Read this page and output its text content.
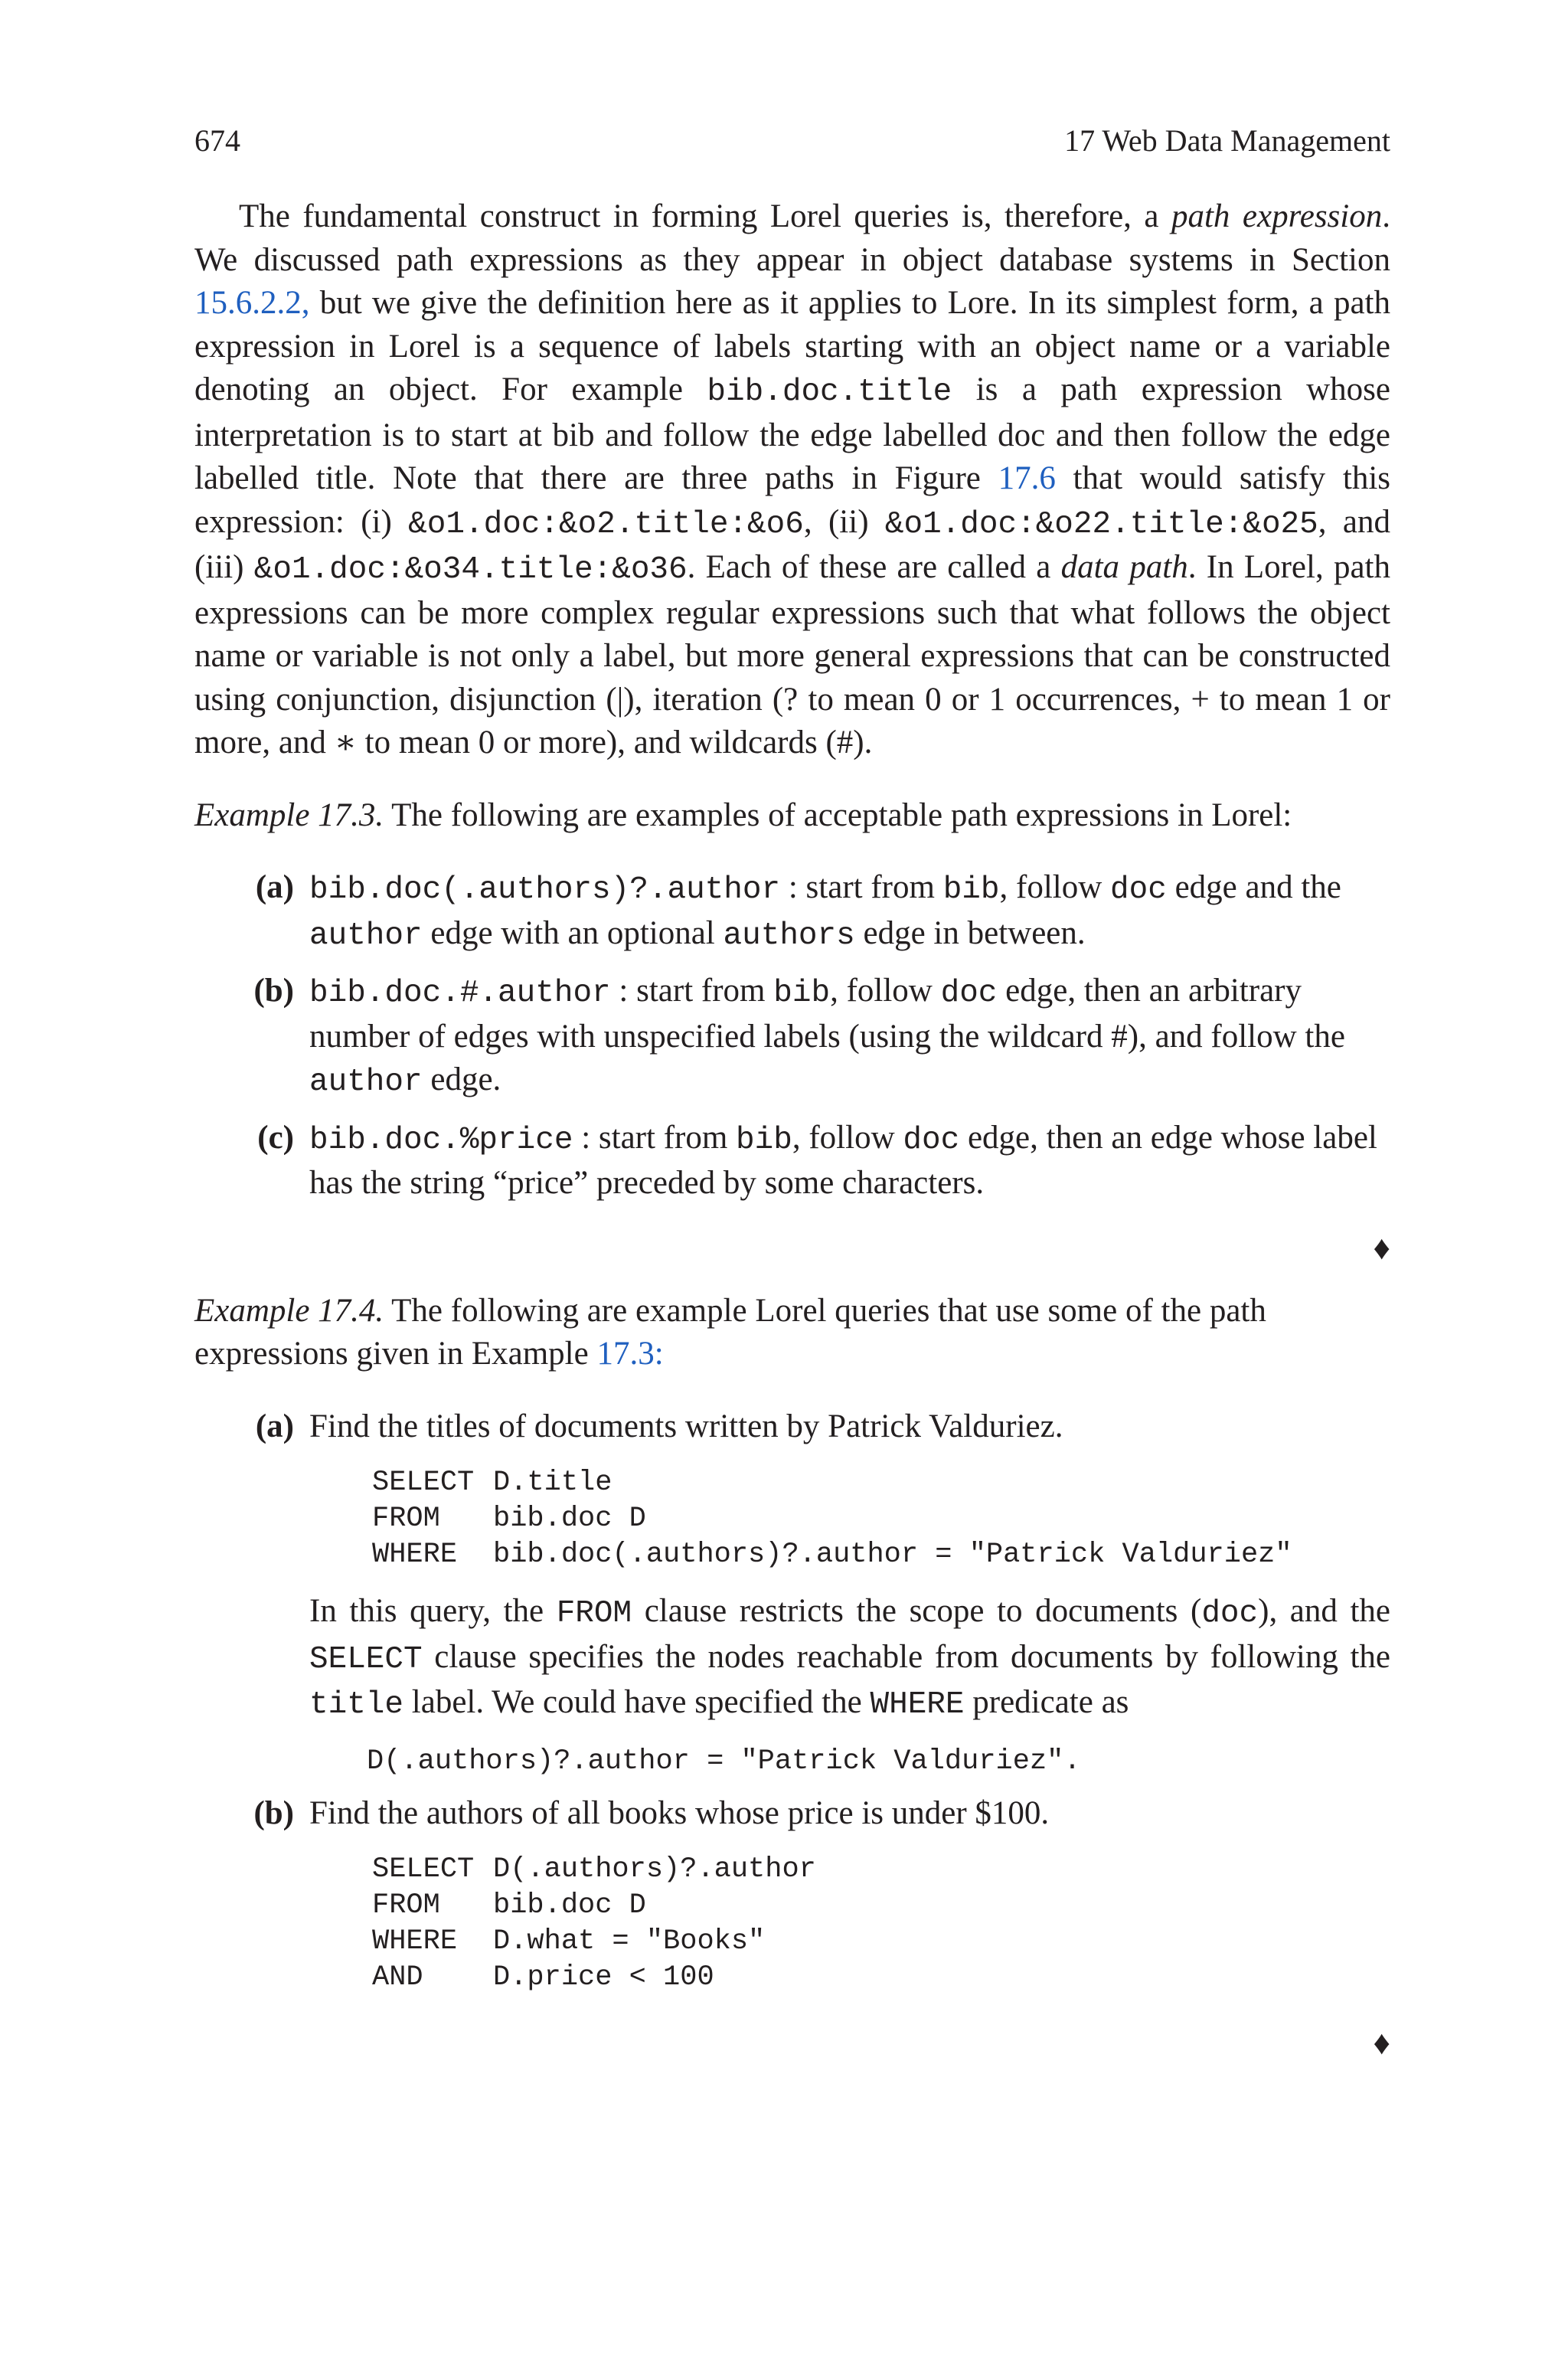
674	17 Web Data Management

The fundamental construct in forming Lorel queries is, therefore, a path expression. We discussed path expressions as they appear in object database systems in Section 15.6.2.2, but we give the definition here as it applies to Lore. In its simplest form, a path expression in Lorel is a sequence of labels starting with an object name or a variable denoting an object. For example bib.doc.title is a path expression whose interpretation is to start at bib and follow the edge labelled doc and then follow the edge labelled title. Note that there are three paths in Figure 17.6 that would satisfy this expression: (i) &o1.doc:&o2.title:&o6, (ii) &o1.doc:&o22.title:&o25, and (iii) &o1.doc:&o34.title:&o36. Each of these are called a data path. In Lorel, path expressions can be more complex regular expressions such that what follows the object name or variable is not only a label, but more general expressions that can be constructed using conjunction, disjunction (|), iteration (? to mean 0 or 1 occurrences, + to mean 1 or more, and ∗ to mean 0 or more), and wildcards (#).

Example 17.3. The following are examples of acceptable path expressions in Lorel:

(a) bib.doc(.authors)?.author : start from bib, follow doc edge and the author edge with an optional authors edge in between.
(b) bib.doc.#.author : start from bib, follow doc edge, then an arbitrary number of edges with unspecified labels (using the wildcard #), and follow the author edge.
(c) bib.doc.%price : start from bib, follow doc edge, then an edge whose label has the string “price” preceded by some characters.
♦

Example 17.4. The following are example Lorel queries that use some of the path expressions given in Example 17.3:

(a) Find the titles of documents written by Patrick Valduriez.
SELECT D.title
FROM bib.doc D
WHERE bib.doc(.authors)?.author = "Patrick Valduriez"

In this query, the FROM clause restricts the scope to documents (doc), and the SELECT clause specifies the nodes reachable from documents by following the title label. We could have specified the WHERE predicate as

D(.authors)?.author = "Patrick Valduriez".
(b) Find the authors of all books whose price is under $100.
SELECT D(.authors)?.author
FROM bib.doc D
WHERE D.what = "Books"
AND D.price < 100
♦
